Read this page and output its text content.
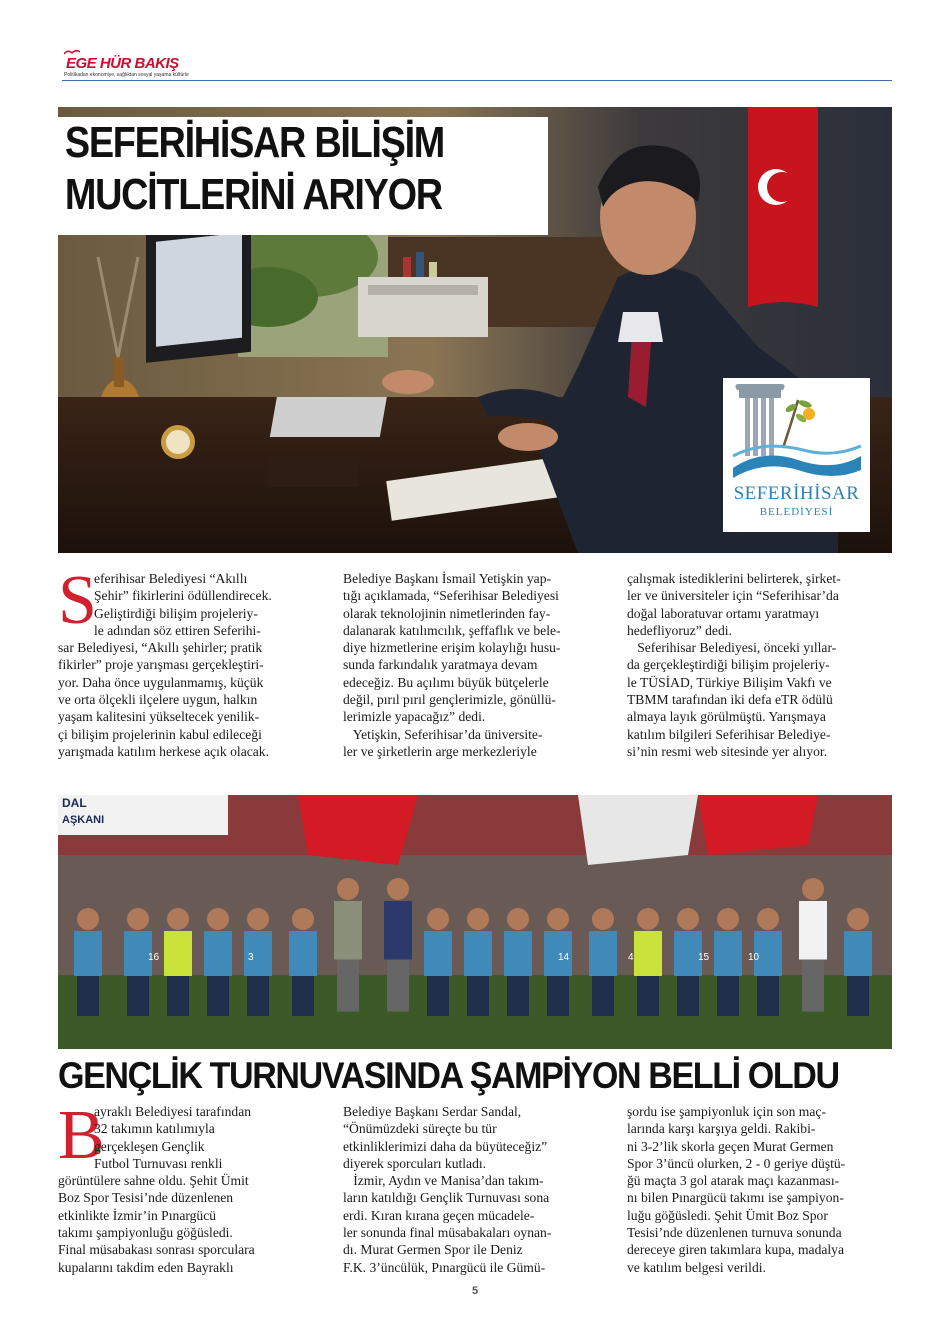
EGE HÜR BAKIŞ
Politikadan ekonomiye, sağlıktan sosyal yaşama kültürle
SEFERİHİSAR BİLİŞİM
MUCİTLERİNİ ARIYOR
SEFERİHİSAR
BELEDİYESİ
S

eferihisar Belediyesi “Akıllı
Şehir” fikirlerini ödüllendirecek.
Geliştirdiği bilişim projeleriy-
le adından söz ettiren Seferihi-
sar Belediyesi, “Akıllı şehirler; pratik
fikirler” proje yarışması gerçekleştiri-
yor. Daha önce uygulanmamış, küçük
ve orta ölçekli ilçelere uygun, halkın
yaşam kalitesini yükseltecek yenilik-
çi bilişim projelerinin kabul edileceği
yarışmada katılım herkese açık olacak.

Belediye Başkanı İsmail Yetişkin yap-
tığı açıklamada, “Seferihisar Belediyesi
olarak teknolojinin nimetlerinden fay-
dalanarak katılımcılık, şeffaflık ve bele-
diye hizmetlerine erişim kolaylığı husu-
sunda farkındalık yaratmaya devam
edeceğiz. Bu açılımı büyük bütçelerle
değil, pırıl pırıl gençlerimizle, gönüllü-
lerimizle yapacağız” dedi.
Yetişkin, Seferihisar’da üniversite-
ler ve şirketlerin arge merkezleriyle

çalışmak istediklerini belirterek, şirket-
ler ve üniversiteler için “Seferihisar’da
doğal laboratuvar ortamı yaratmayı
hedefliyoruz” dedi.
Seferihisar Belediyesi, önceki yıllar-
da gerçekleştirdiği bilişim projeleriy-
le TÜSİAD, Türkiye Bilişim Vakfı ve
TBMM tarafından iki defa eTR ödülü
almaya layık görülmüştü. Yarışmaya
katılım bilgileri Seferihisar Belediye-
si’nin resmi web sitesinde yer alıyor.

DAL
AŞKANI
16	3	14	15	10
4
GENÇLİK TURNUVASINDA ŞAMPİYON BELLİ OLDU
B

ayraklı Belediyesi tarafından
32 takımın katılımıyla
gerçekleşen Gençlik
Futbol Turnuvası renkli
görüntülere sahne oldu. Şehit Ümit
Boz Spor Tesisi’nde düzenlenen
etkinlikte İzmir’in Pınargücü
takımı şampiyonluğu göğüsledi.
Final müsabakası sonrası sporculara
kupalarını takdim eden Bayraklı

Belediye Başkanı Serdar Sandal,
“Önümüzdeki süreçte bu tür
etkinliklerimizi daha da büyüteceğiz”
diyerek sporcuları kutladı.
İzmir, Aydın ve Manisa’dan takım-
ların katıldığı Gençlik Turnuvası sona
erdi. Kıran kırana geçen mücadele-
ler sonunda final müsabakaları oynan-
dı. Murat Germen Spor ile Deniz
F.K. 3’üncülük, Pınargücü ile Gümü-

şordu ise şampiyonluk için son maç-
larında karşı karşıya geldi. Rakibi-
ni 3-2’lik skorla geçen Murat Germen
Spor 3’üncü olurken, 2 - 0 geriye düştü-
ğü maçta 3 gol atarak maçı kazanması-
nı bilen Pınargücü takımı ise şampiyon-
luğu göğüsledi. Şehit Ümit Boz Spor
Tesisi’nde düzenlenen turnuva sonunda
dereceye giren takımlara kupa, madalya
ve katılım belgesi verildi.

5
